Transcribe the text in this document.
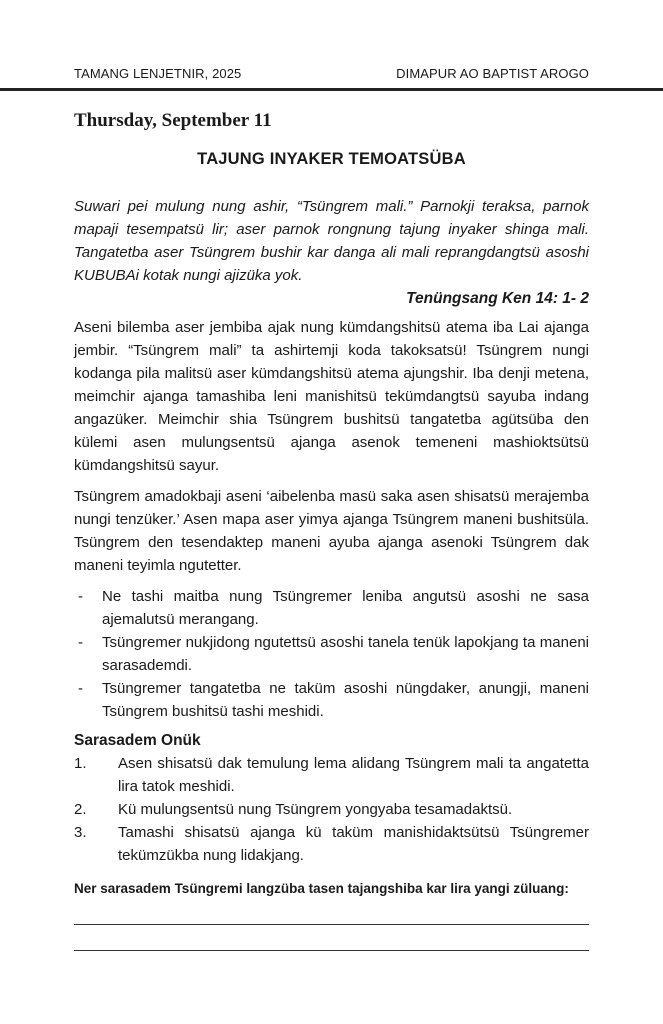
TAMANG LENJETNIR, 2025	DIMAPUR AO BAPTIST AROGO
Thursday, September 11
TAJUNG INYAKER TEMOATSÜBA

Suwari pei mulung nung ashir, “Tsüngrem mali.” Parnokji teraksa, parnok mapaji tesempatsü lir; aser parnok rongnung tajung inyaker shinga mali. Tangatetba aser Tsüngrem bushir kar danga ali mali reprangdangtsü asoshi KUBUBAi kotak nungi ajizüka yok.

Tenüngsang Ken 14: 1- 2

Aseni bilemba aser jembiba ajak nung kümdangshitsü atema iba Lai ajanga jembir. “Tsüngrem mali” ta ashirtemji koda takoksatsü! Tsüngrem nungi kodanga pila malitsü aser kümdangshitsü atema ajungshir. Iba denji metena, meimchir ajanga tamashiba leni manishitsü tekümdangtsü sayuba indang angazüker. Meimchir shia Tsüngrem bushitsü tangatetba agütsüba den külemi asen mulungsentsü ajanga asenok temeneni mashioktsütsü kümdangshitsü sayur.

Tsüngrem amadokbaji aseni ‘aibelenba masü saka asen shisatsü merajemba nungi tenzüker.’ Asen mapa aser yimya ajanga Tsüngrem maneni bushitsüla. Tsüngrem den tesendaktep maneni ayuba ajanga asenoki Tsüngrem dak maneni teyimla ngutetter.

- Ne tashi maitba nung Tsüngremer leniba angutsü asoshi ne sasa ajemalutsü merangang.
- Tsüngremer nukjidong ngutettsü asoshi tanela tenük lapokjang ta maneni sarasademdi.
- Tsüngremer tangatetba ne taküm asoshi nüngdaker, anungji, maneni Tsüngrem bushitsü tashi meshidi.
Sarasadem Onük
1. Asen shisatsü dak temulung lema alidang Tsüngrem mali ta angatetta lira tatok meshidi.
2. Kü mulungsentsü nung Tsüngrem yongyaba tesamadaktsü.
3. Tamashi shisatsü ajanga kü taküm manishidaktsütsü Tsüngremer tekümzükba nung lidakjang.

Ner sarasadem Tsüngremi langzüba tasen tajangshiba kar lira yangi züluang:
